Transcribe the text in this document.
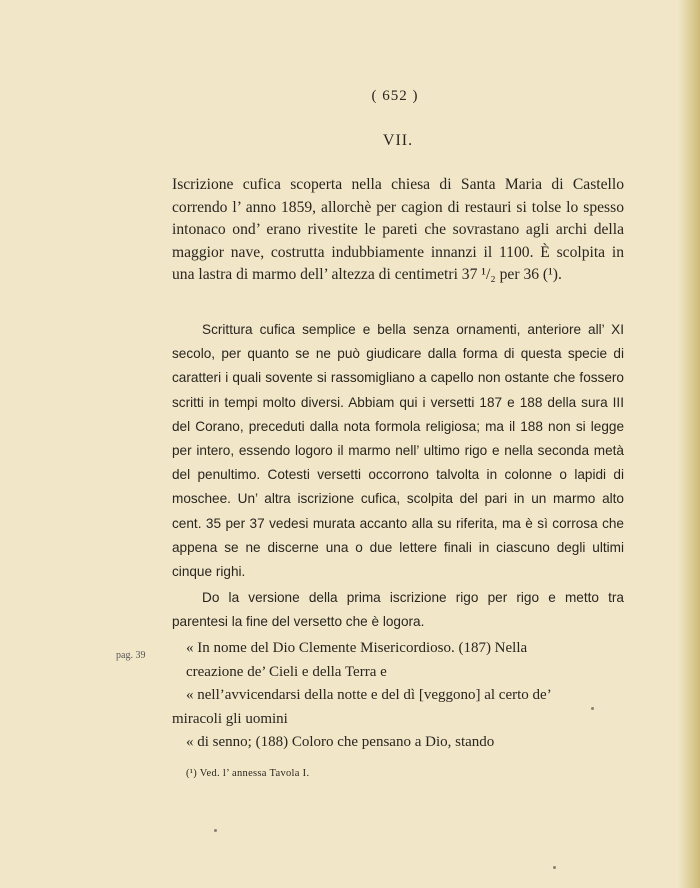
( 652 )
VII.
Iscrizione cufica scoperta nella chiesa di Santa Maria di Castello correndo l’ anno 1859, allorchè per cagion di restauri si tolse lo spesso intonaco ond’ erano rivestite le pareti che sovrastano agli archi della maggior nave, costrutta indubbiamente innanzi il 1100. È scolpita in una lastra di marmo dell’ altezza di centimetri 37 ¹/₂ per 36 (¹).

Scrittura cufica semplice e bella senza ornamenti, anteriore all’ XI secolo, per quanto se ne può giudicare dalla forma di questa specie di caratteri i quali sovente si rassomigliano a capello non ostante che fossero scritti in tempi molto diversi. Abbiam qui i versetti 187 e 188 della sura III del Corano, preceduti dalla nota formola religiosa; ma il 188 non si legge per intero, essendo logoro il marmo nell’ ultimo rigo e nella seconda metà del penultimo. Cotesti versetti occorrono talvolta in colonne o lapidi di moschee. Un’ altra iscrizione cufica, scolpita del pari in un marmo alto cent. 35 per 37 vedesi murata accanto alla su riferita, ma è sì corrosa che appena se ne discerne una o due lettere finali in ciascuno degli ultimi cinque righi.

Do la versione della prima iscrizione rigo per rigo e metto tra parentesi la fine del versetto che è logora.

pag. 39	« In nome del Dio Clemente Misericordioso. (187) Nella
creazione de’ Cieli e della Terra e
« nell’avvicendarsi della notte e del dì [veggono] al certo de’
miracoli gli uomini
« di senno; (188) Coloro che pensano a Dio, stando
(¹) Ved. l’ annessa Tavola I.
